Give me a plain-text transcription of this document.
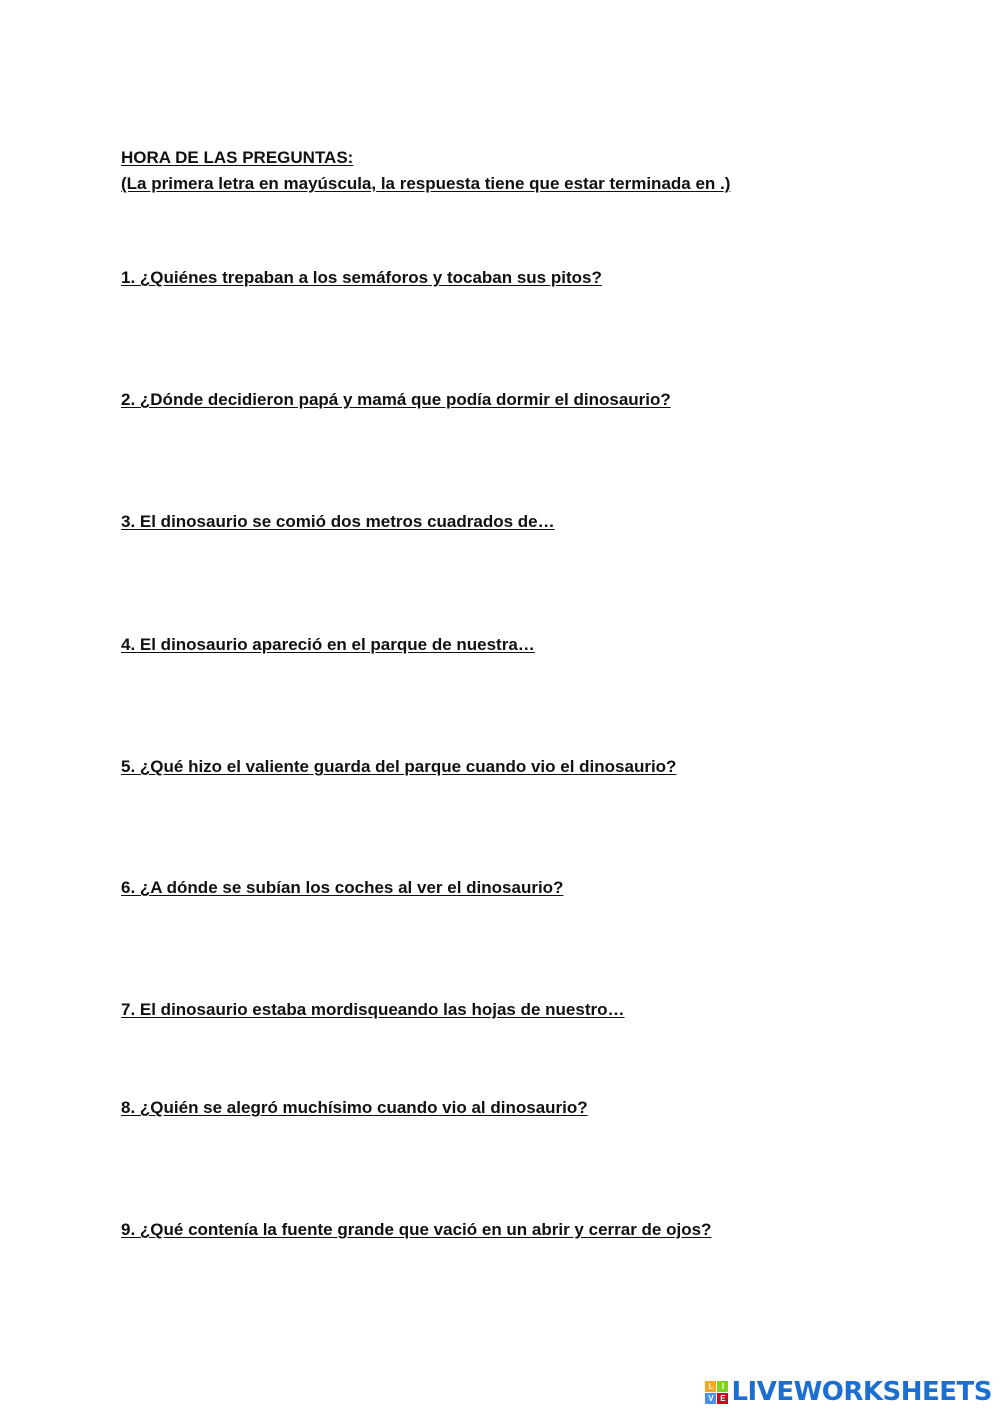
HORA DE LAS PREGUNTAS:
(La primera letra en mayúscula, la respuesta tiene que estar terminada en .)
1. ¿Quiénes trepaban a los semáforos y tocaban sus pitos?
2. ¿Dónde decidieron papá y mamá que podía dormir el dinosaurio?
3. El dinosaurio se comió dos metros cuadrados de…
4. El dinosaurio apareció en el parque de nuestra…
5. ¿Qué hizo el valiente guarda del parque cuando vio el dinosaurio?
6. ¿A dónde se subían los coches al ver el dinosaurio?
7. El dinosaurio estaba mordisqueando las hojas de nuestro…
8. ¿Quién se alegró muchísimo cuando vio al dinosaurio?
9. ¿Qué contenía la fuente grande que vació en un abrir y cerrar de ojos?
L	I
V E LIVEWORKSHEETS
